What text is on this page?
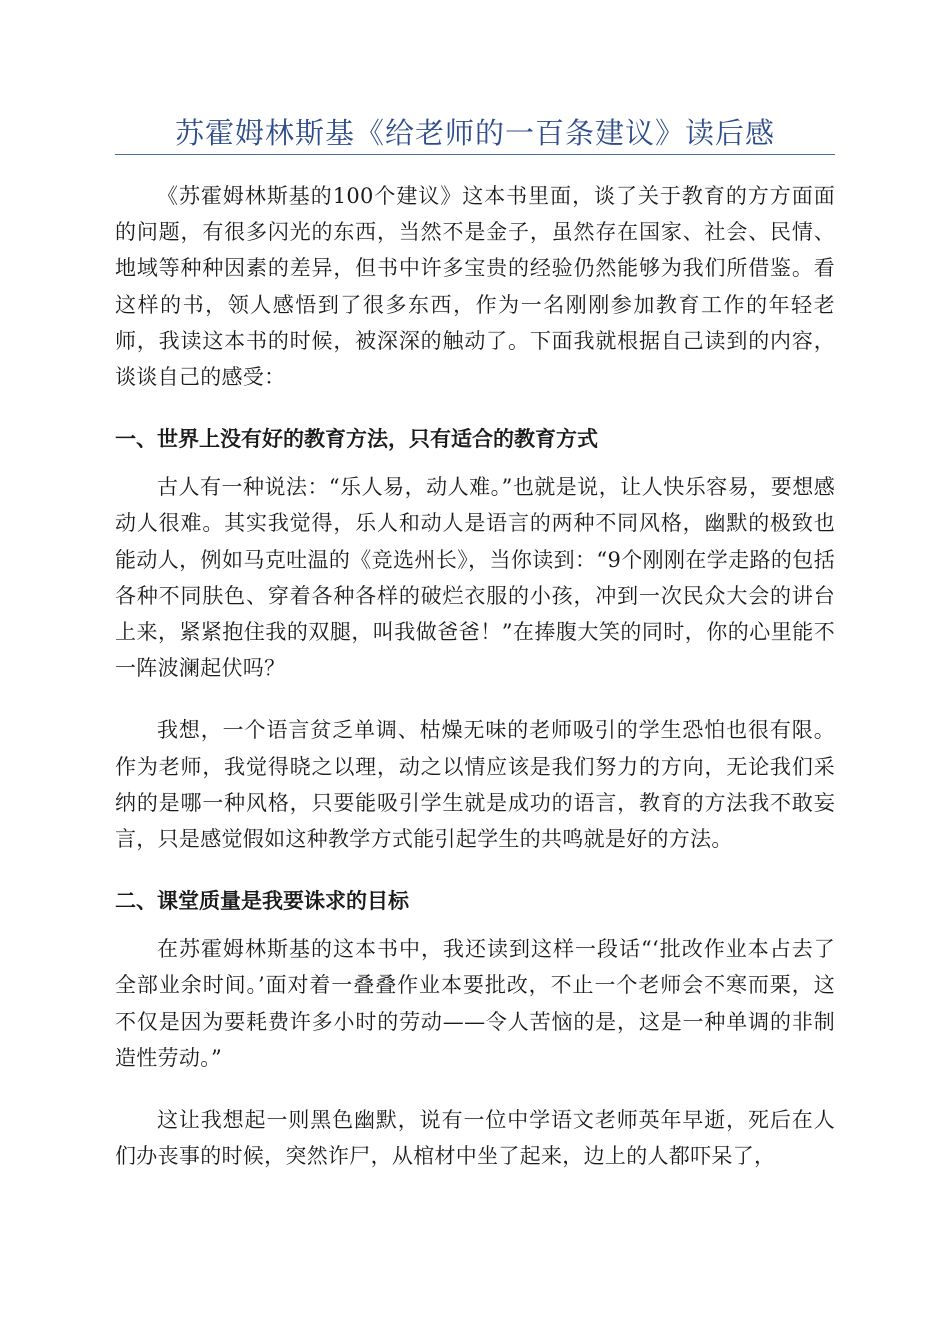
苏霍姆林斯基《给老师的一百条建议》读后感

《苏霍姆林斯基的100个建议》这本书里面，谈了关于教育的方方面面的问题，有很多闪光的东西，当然不是金子，虽然存在国家、社会、民情、地域等种种因素的差异，但书中许多宝贵的经验仍然能够为我们所借鉴。看这样的书，领人感悟到了很多东西，作为一名刚刚参加教育工作的年轻老师，我读这本书的时候，被深深的触动了。下面我就根据自己读到的内容，谈谈自己的感受：

一、世界上没有好的教育方法，只有适合的教育方式

古人有一种说法：“乐人易，动人难。”也就是说，让人快乐容易，要想感动人很难。其实我觉得，乐人和动人是语言的两种不同风格，幽默的极致也能动人，例如马克吐温的《竞选州长》，当你读到：“9个刚刚在学走路的包括各种不同肤色、穿着各种各样的破烂衣服的小孩，冲到一次民众大会的讲台上来，紧紧抱住我的双腿，叫我做爸爸！”在捧腹大笑的同时，你的心里能不一阵波澜起伏吗？

我想，一个语言贫乏单调、枯燥无味的老师吸引的学生恐怕也很有限。作为老师，我觉得晓之以理，动之以情应该是我们努力的方向，无论我们采纳的是哪一种风格，只要能吸引学生就是成功的语言，教育的方法我不敢妄言，只是感觉假如这种教学方式能引起学生的共鸣就是好的方法。

二、课堂质量是我要诛求的目标

在苏霍姆林斯基的这本书中，我还读到这样一段话“‘批改作业本占去了全部业余时间。’面对着一叠叠作业本要批改，不止一个老师会不寒而栗，这不仅是因为要耗费许多小时的劳动——令人苦恼的是，这是一种单调的非制造性劳动。”

这让我想起一则黑色幽默，说有一位中学语文老师英年早逝，死后在人们办丧事的时候，突然诈尸，从棺材中坐了起来，边上的人都吓呆了，
